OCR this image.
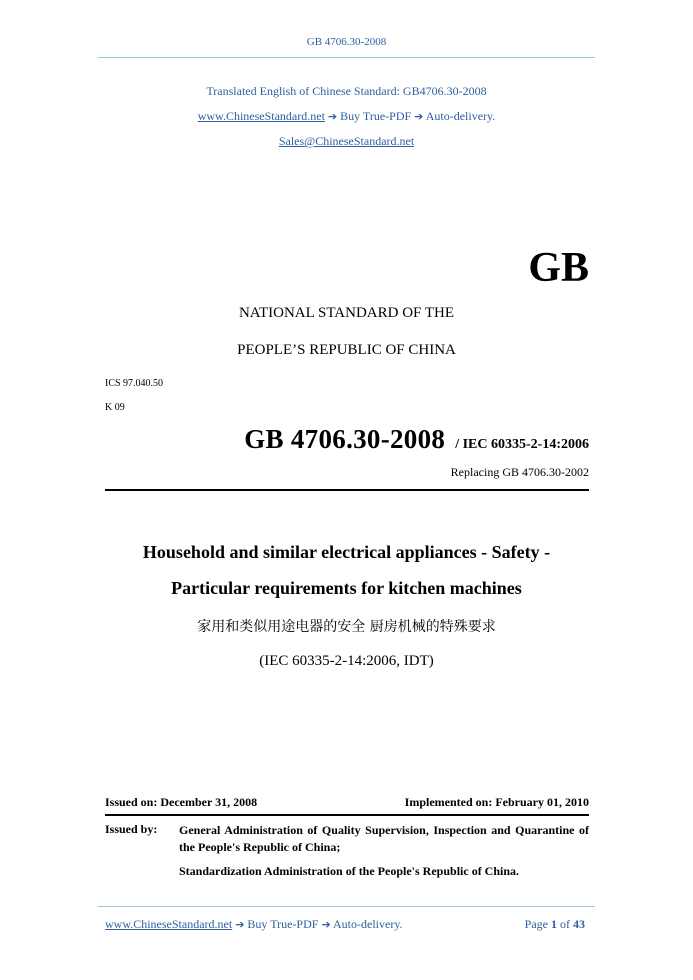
GB 4706.30-2008
Translated English of Chinese Standard: GB4706.30-2008
www.ChineseStandard.net ➔ Buy True-PDF ➔ Auto-delivery.
Sales@ChineseStandard.net
GB
NATIONAL STANDARD OF THE
PEOPLE’S REPUBLIC OF CHINA
ICS 97.040.50
K 09
GB 4706.30-2008 / IEC 60335-2-14:2006
Replacing GB 4706.30-2002
Household and similar electrical appliances - Safety -
Particular requirements for kitchen machines
家用和类似用途电器的安全 厨房机械的特殊要求
(IEC 60335-2-14:2006, IDT)
Issued on: December 31, 2008	Implemented on: February 01, 2010
Issued by: General Administration of Quality Supervision, Inspection and Quarantine of the People's Republic of China;
Standardization Administration of the People's Republic of China.
www.ChineseStandard.net ➔ Buy True-PDF ➔ Auto-delivery.	Page 1 of 43
